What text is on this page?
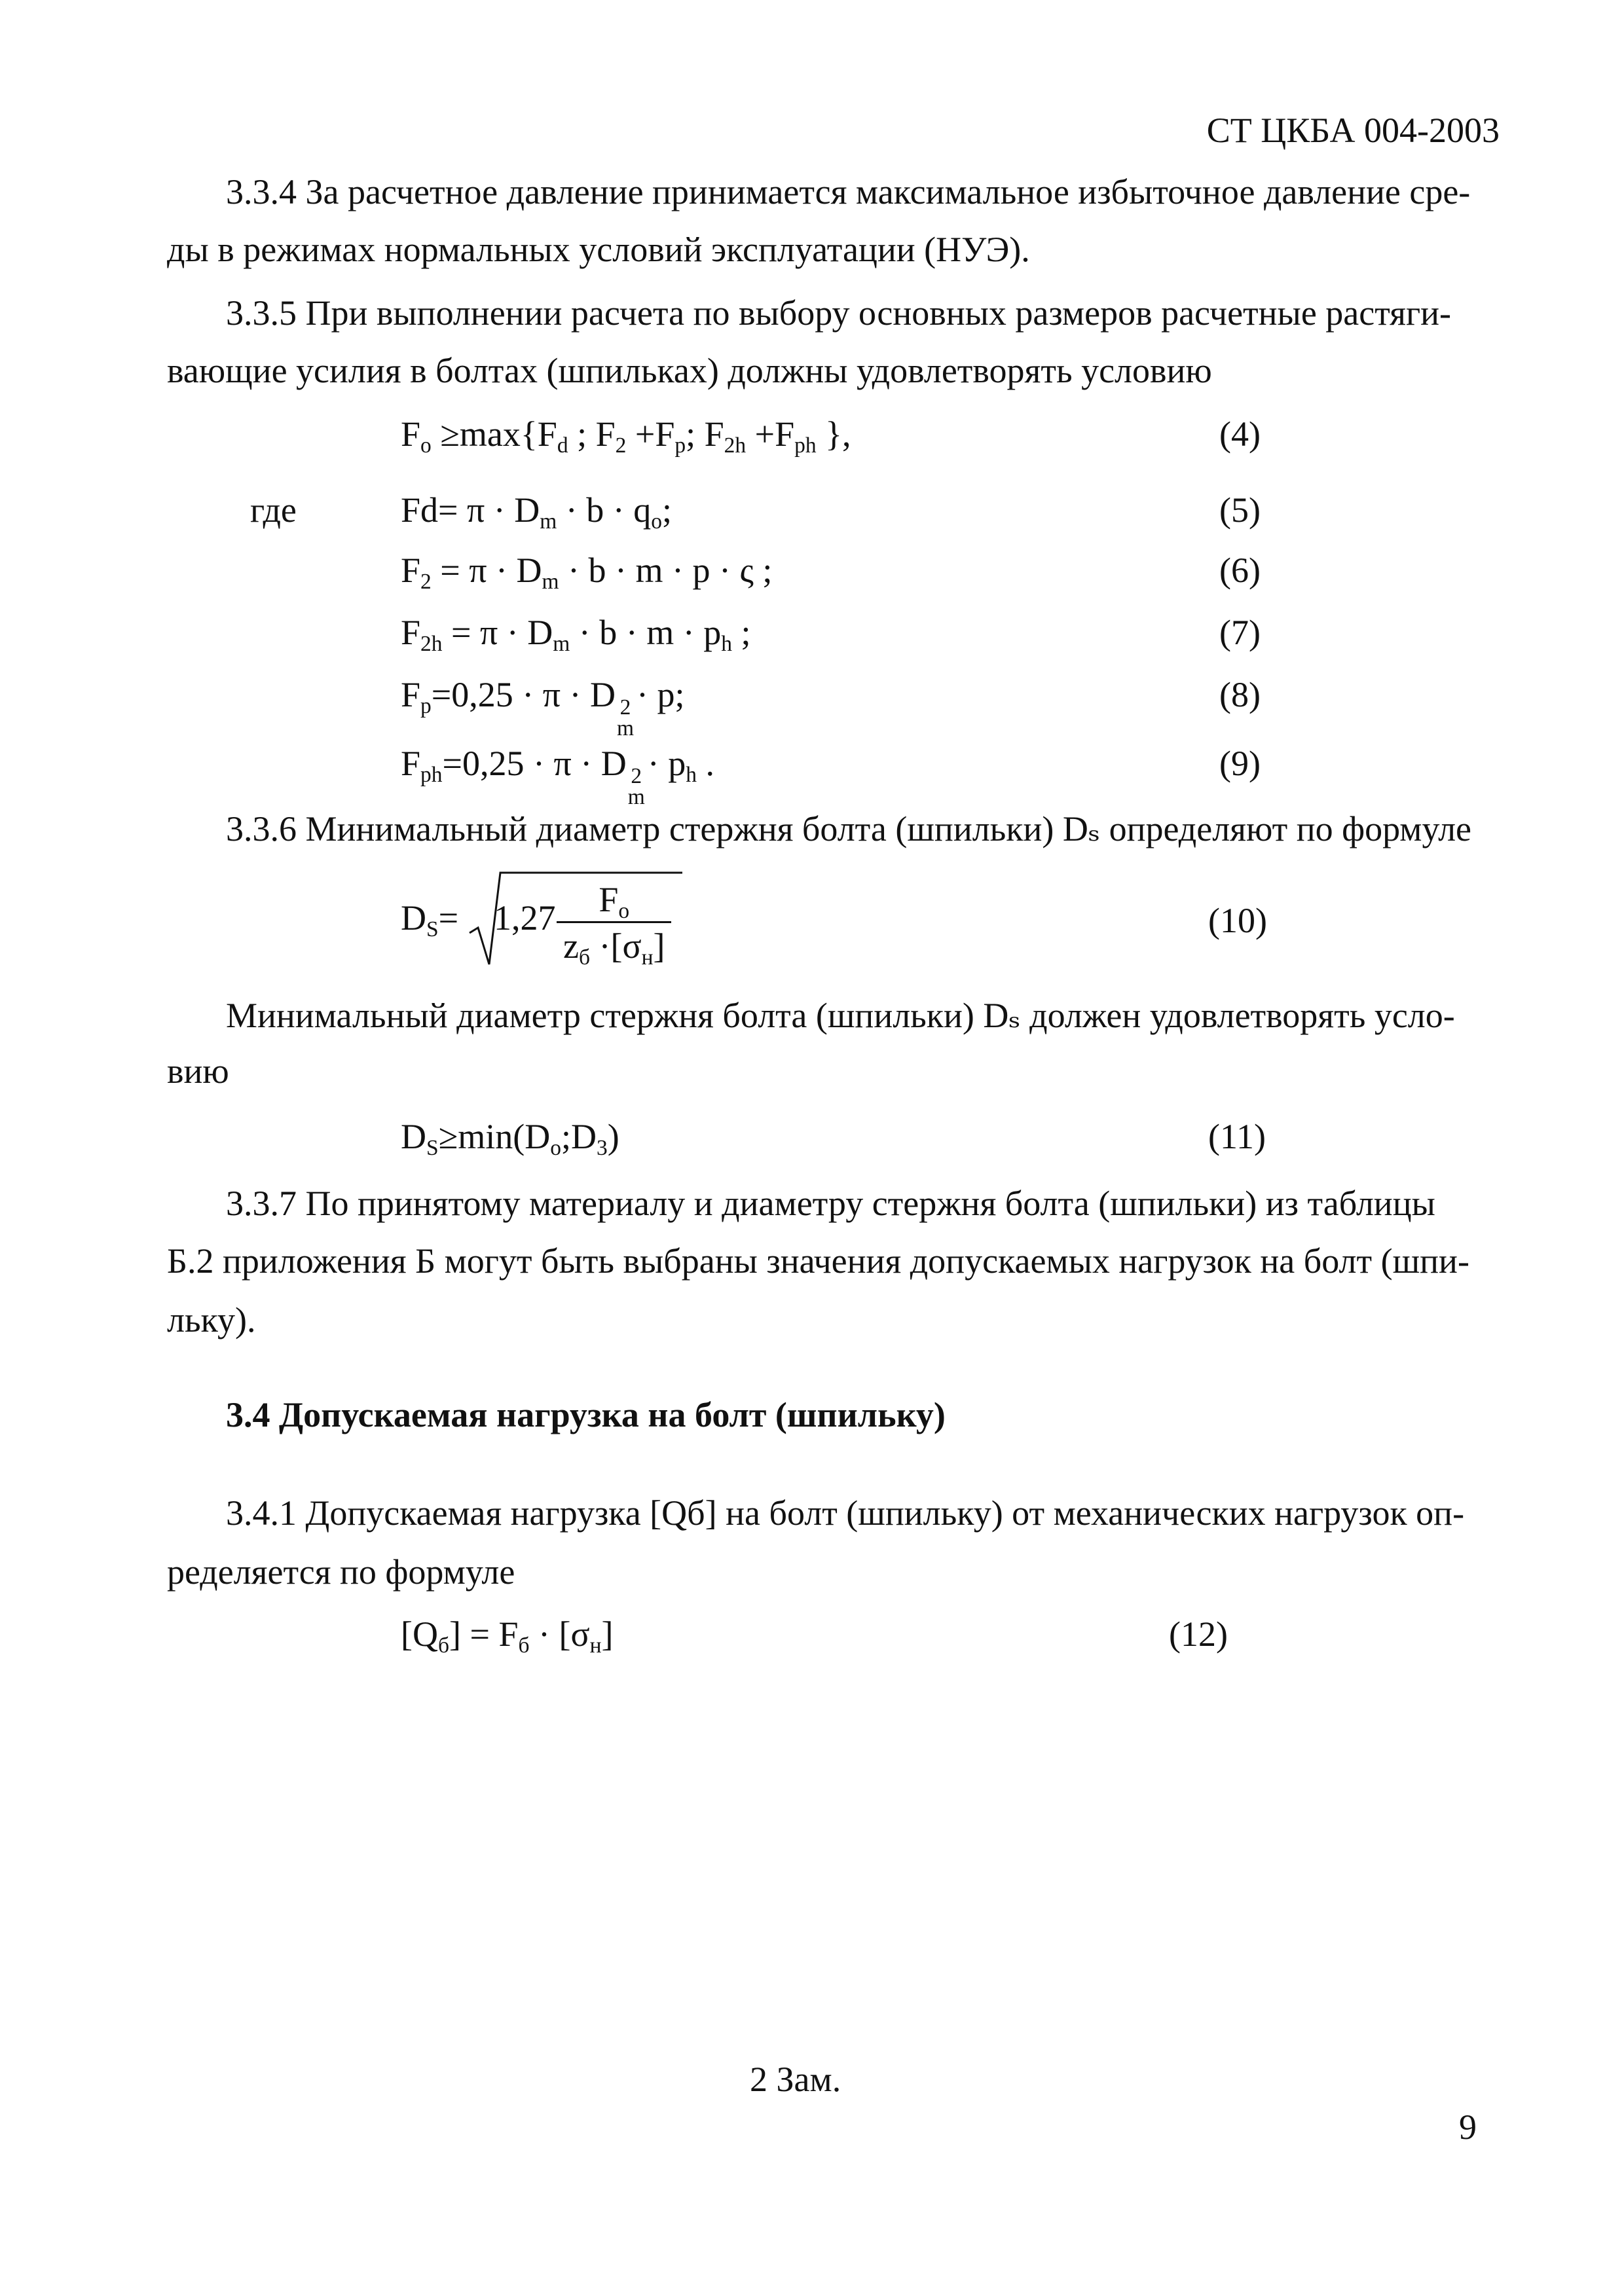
СТ ЦКБА 004-2003
3.3.4 За расчетное давление принимается максимальное избыточное давление сре-
ды в режимах нормальных условий эксплуатации (НУЭ).
3.3.5 При выполнении расчета по выбору основных размеров расчетные растяги-
вающие усилия в болтах (шпильках) должны удовлетворять условию
$F_o \ge\max\{F_d$ ; $F_2 +F_p$; $F_{2h} +F_{ph}$ },	(4)
где	$Fd= \pi \cdot D_m \cdot b \cdot q_o$;	(5)
$F_2 = \pi \cdot D_m \cdot b \cdot m \cdot p \cdot \varsigma$ ;	(6)
$F_{2h} = \pi \cdot D_m \cdot b \cdot m \cdot p_h$ ;	(7)
$F_p=0,25 \cdot \pi \cdot D$ 2
m
· p;	(8)
$F_{ph}=0,25 \cdot \pi \cdot D$ 2
m
· $p_h$ .	(9)
3.3.6 Минимальный диаметр стержня болта (шпильки) Dₛ определяют по формуле
$D_S= 1,27$ $F_o$
$z_б \cdot[\sigma_н]$
(10)
Минимальный диаметр стержня болта (шпильки) Dₛ должен удовлетворять усло-
вию
$D_S\ge\min(D_o;D_3)$	(11)
3.3.7 По принятому материалу и диаметру стержня болта (шпильки) из таблицы
Б.2 приложения Б могут быть выбраны значения допускаемых нагрузок на болт (шпи-
льку).
3.4 Допускаемая нагрузка на болт (шпильку)
3.4.1 Допускаемая нагрузка [Qб] на болт (шпильку) от механических нагрузок оп-
ределяется по формуле
$[Q_б] = F_б \cdot [\sigma_н]$	(12)
2 Зам.
9
